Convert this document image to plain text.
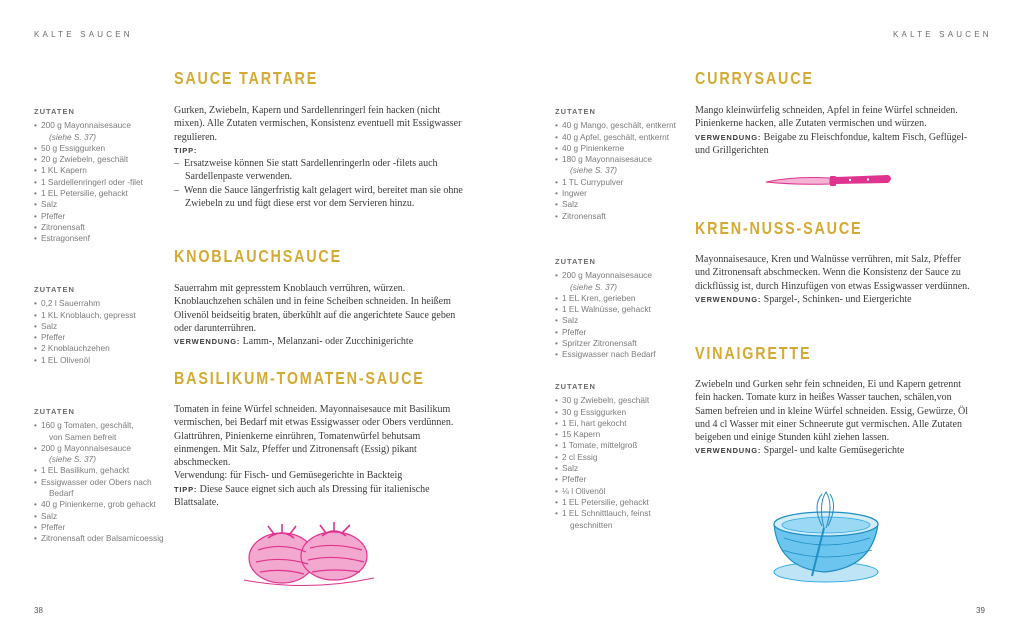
KALTE SAUCEN	KALTE SAUCEN
38	39
SAUCE TARTARE
ZUTATEN
• 200 g Mayonnaisesauce
(siehe S. 37)
• 50 g Essiggurken
• 20 g Zwiebeln, geschält
• 1 KL Kapern
• 1 Sardellenringerl oder -filet
• 1 EL Petersilie, gehackt
• Salz
• Pfeffer
• Zitronensaft
• Estragonsenf

Gurken, Zwiebeln, Kapern und Sardellenringerl fein hacken (nicht mixen). Alle Zutaten vermischen, Konsistenz eventuell mit Essigwasser regulieren.

TIPP:

–  Ersatzweise können Sie statt Sardellenringerln oder -filets auch Sardellenpaste verwenden.

–  Wenn die Sauce längerfristig kalt gelagert wird, bereitet man sie ohne Zwiebeln zu und fügt diese erst vor dem Servieren hinzu.

KNOBLAUCHSAUCE
ZUTATEN
• 0,2 l Sauerrahm
• 1 KL Knoblauch, gepresst
• Salz
• Pfeffer
• 2 Knoblauchzehen
• 1 EL Olivenöl

Sauerrahm mit gepresstem Knoblauch verrühren, würzen. Knoblauchzehen schälen und in feine Scheiben schneiden. In heißem Olivenöl beidseitig braten, überkühlt auf die angerichtete Sauce geben oder darunterrühren.

VERWENDUNG: Lamm-, Melanzani- oder Zucchinigerichte

BASILIKUM-TOMATEN-SAUCE
ZUTATEN
• 160 g Tomaten, geschält,
von Samen befreit
• 200 g Mayonnaisesauce
(siehe S. 37)
• 1 EL Basilikum, gehackt
• Essigwasser oder Obers nach
Bedarf
• 40 g Pinienkerne, grob gehackt
• Salz
• Pfeffer
• Zitronensaft oder Balsamicoessig

Tomaten in feine Würfel schneiden. Mayonnaisesauce mit Basilikum vermischen, bei Bedarf mit etwas Essigwasser oder Obers verdünnen. Glattrühren, Pinienkerne einrühren, Tomatenwürfel behutsam einmengen. Mit Salz, Pfeffer und Zitronensaft (Essig) pikant abschmecken.

Verwendung: für Fisch- und Gemüsegerichte in Backteig

TIPP: Diese Sauce eignet sich auch als Dressing für italienische Blattsalate.

CURRYSAUCE
ZUTATEN
• 40 g Mango, geschält, entkernt
• 40 g Apfel, geschält, entkernt
• 40 g Pinienkerne
• 180 g Mayonnaisesauce
(siehe S. 37)
• 1 TL Currypulver
• Ingwer
• Salz
• Zitronensaft

Mango kleinwürfelig schneiden, Apfel in feine Würfel schneiden. Pinienkerne hacken, alle Zutaten vermischen und würzen.

VERWENDUNG: Beigabe zu Fleischfondue, kaltem Fisch, Geflügel- und Grillgerichten

KREN-NUSS-SAUCE
ZUTATEN
• 200 g Mayonnaisesauce
(siehe S. 37)
• 1 EL Kren, gerieben
• 1 EL Walnüsse, gehackt
• Salz
• Pfeffer
• Spritzer Zitronensaft
• Essigwasser nach Bedarf

Mayonnaisesauce, Kren und Walnüsse verrühren, mit Salz, Pfeffer und Zitronensaft abschmecken. Wenn die Konsistenz der Sauce zu dickflüssig ist, durch Hinzufügen von etwas Essigwasser verdünnen.

VERWENDUNG: Spargel-, Schinken- und Eiergerichte

VINAIGRETTE
ZUTATEN
• 30 g Zwiebeln, geschält
• 30 g Essiggurken
• 1 Ei, hart gekocht
• 15 Kapern
• 1 Tomate, mittelgroß
• 2 cl Essig
• Salz
• Pfeffer
• ⅛ l Olivenöl
• 1 EL Petersilie, gehackt
• 1 EL Schnittlauch, feinst
geschnitten

Zwiebeln und Gurken sehr fein schneiden, Ei und Kapern getrennt fein hacken. Tomate kurz in heißes Wasser tauchen, schälen,von Samen befreien und in kleine Würfel schneiden. Essig, Gewürze, Öl und 4 cl Wasser mit einer Schneerute gut vermischen. Alle Zutaten beigeben und einige Stunden kühl ziehen lassen.

VERWENDUNG: Spargel- und kalte Gemüsegerichte
